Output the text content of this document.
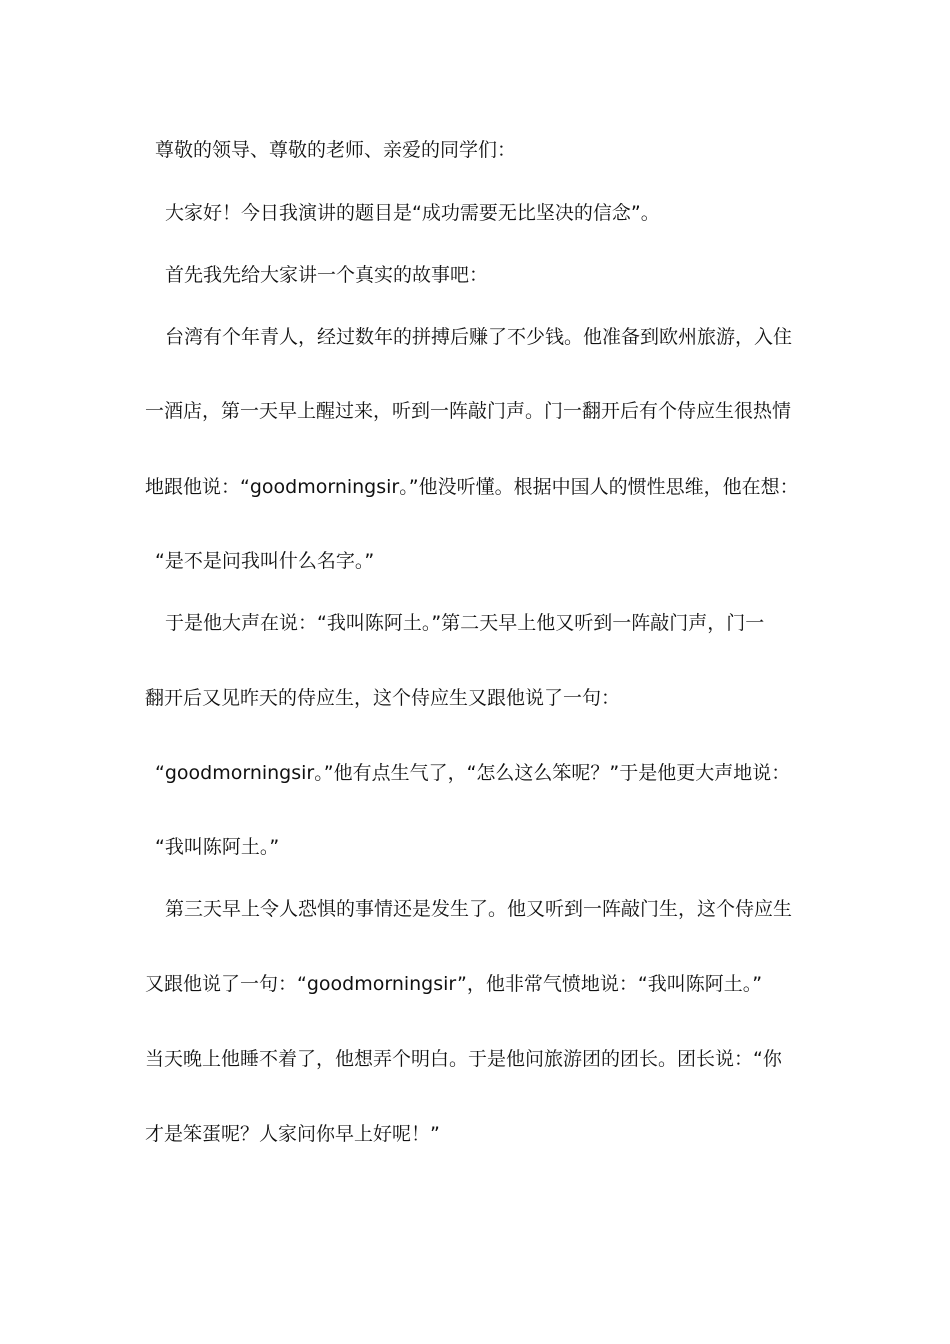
尊敬的领导、尊敬的老师、亲爱的同学们：
大家好！今日我演讲的题目是“成功需要无比坚决的信念”。
首先我先给大家讲一个真实的故事吧：
台湾有个年青人，经过数年的拼搏后赚了不少钱。他准备到欧州旅游，入住
一酒店，第一天早上醒过来，听到一阵敲门声。门一翻开后有个侍应生很热情
地跟他说：“goodmorningsir。”他没听懂。根据中国人的惯性思维，他在想：
“是不是问我叫什么名字。”
于是他大声在说：“我叫陈阿土。”第二天早上他又听到一阵敲门声，门一
翻开后又见昨天的侍应生，这个侍应生又跟他说了一句：
“goodmorningsir。”他有点生气了，“怎么这么笨呢？”于是他更大声地说：
“我叫陈阿土。”
第三天早上令人恐惧的事情还是发生了。他又听到一阵敲门生，这个侍应生
又跟他说了一句：“goodmorningsir”，他非常气愤地说：“我叫陈阿土。”
当天晚上他睡不着了，他想弄个明白。于是他问旅游团的团长。团长说：“你
才是笨蛋呢？人家问你早上好呢！”
